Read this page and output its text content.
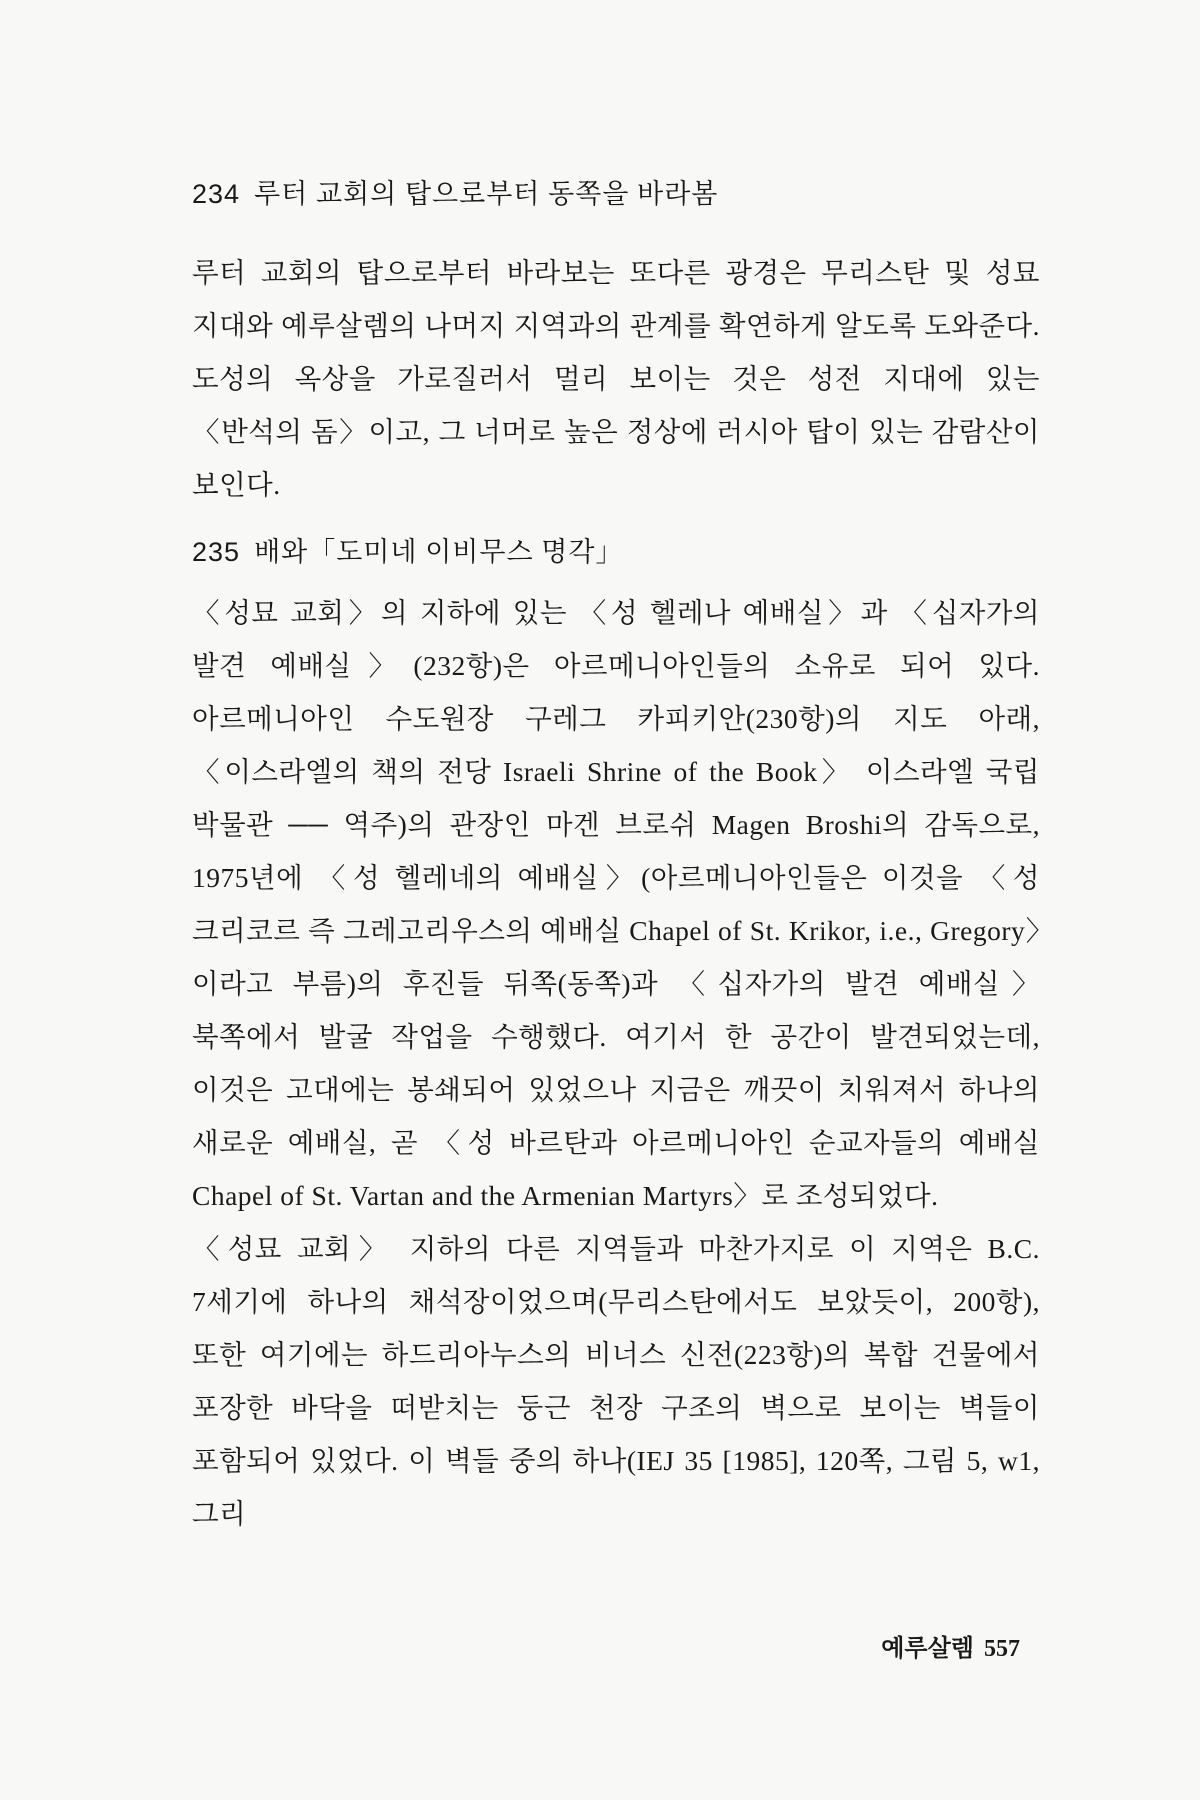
234 루터 교회의 탑으로부터 동쪽을 바라봄

루터 교회의 탑으로부터 바라보는 또다른 광경은 무리스탄 및 성묘 지대와 예루살렘의 나머지 지역과의 관계를 확연하게 알도록 도와준다. 도성의 옥상을 가로질러서 멀리 보이는 것은 성전 지대에 있는 〈반석의 돔〉이고, 그 너머로 높은 정상에 러시아 탑이 있는 감람산이 보인다.

235 배와「도미네 이비무스 명각」

〈성묘 교회〉의 지하에 있는 〈성 헬레나 예배실〉과 〈십자가의 발견 예배실〉(232항)은 아르메니아인들의 소유로 되어 있다. 아르메니아인 수도원장 구레그 카피키안(230항)의 지도 아래, 〈이스라엘의 책의 전당 Israeli Shrine of the Book〉 이스라엘 국립 박물관 ── 역주)의 관장인 마겐 브로쉬 Magen Broshi의 감독으로, 1975년에 〈성 헬레네의 예배실〉(아르메니아인들은 이것을 〈성 크리코르 즉 그레고리우스의 예배실 Chapel of St. Krikor, i.e., Gregory〉이라고 부름)의 후진들 뒤쪽(동쪽)과 〈십자가의 발견 예배실〉 북쪽에서 발굴 작업을 수행했다. 여기서 한 공간이 발견되었는데, 이것은 고대에는 봉쇄되어 있었으나 지금은 깨끗이 치워져서 하나의 새로운 예배실, 곧 〈성 바르탄과 아르메니아인 순교자들의 예배실 Chapel of St. Vartan and the Armenian Martyrs〉로 조성되었다.

〈성묘 교회〉 지하의 다른 지역들과 마찬가지로 이 지역은 B.C. 7세기에 하나의 채석장이었으며(무리스탄에서도 보았듯이, 200항), 또한 여기에는 하드리아누스의 비너스 신전(223항)의 복합 건물에서 포장한 바닥을 떠받치는 둥근 천장 구조의 벽으로 보이는 벽들이 포함되어 있었다. 이 벽들 중의 하나(IEJ 35 [1985], 120쪽, 그림 5, w1, 그리

예루살렘 557
